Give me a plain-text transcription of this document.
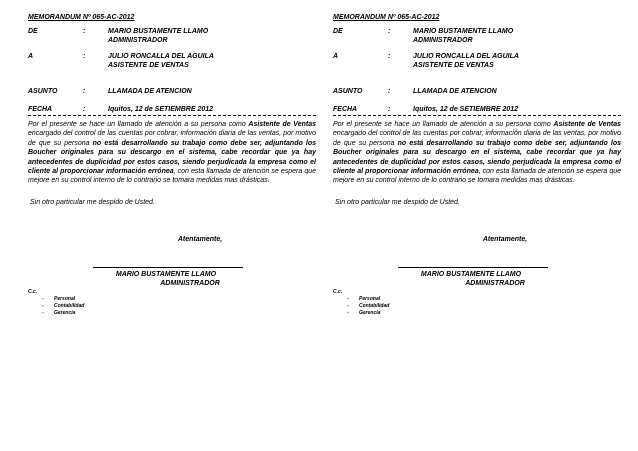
MEMORANDUM Nº 065-AC-2012
DE	:	MARIO BUSTAMENTE LLAMO
ADMINISTRADOR
A	:	JULIO RONCALLA DEL AGUILA
ASISTENTE DE VENTAS
ASUNTO	:	LLAMADA DE ATENCION
FECHA	:	Iquitos, 12 de SETIEMBRE 2012
Por el presente se hace un llamado de atención a su persona como Asistente de Ventas encargado del control de las cuentas por cobrar, información diaria de las ventas, por motivo de que su persona no está desarrollando su trabajo como debe ser, adjuntando los Boucher originales para su descargo en el sistema, cabe recordar que ya hay antecedentes de duplicidad por estos casos, siendo perjudicada la empresa como el cliente al proporcionar información errónea, con esta llamada de atención se espera que mejore en su control interno de lo contrario se tomara medidas mas drásticas.
Sin otro particular me despido de Usted.
Atentamente,
MARIO BUSTAMENTE LLAMO
ADMINISTRADOR
C.c.
-	Personal
-	Contabilidad
-	Gerencia
MEMORANDUM Nº 065-AC-2012
DE	:	MARIO BUSTAMENTE LLAMO
ADMINISTRADOR
A	:	JULIO RONCALLA DEL AGUILA
ASISTENTE DE VENTAS
ASUNTO	:	LLAMADA DE ATENCION
FECHA	:	Iquitos, 12 de SETIEMBRE 2012
Por el presente se hace un llamado de atención a su persona como Asistente de Ventas encargado del control de las cuentas por cobrar, información diaria de las ventas, por motivo de que su persona no está desarrollando su trabajo como debe ser, adjuntando los Boucher originales para su descargo en el sistema, cabe recordar que ya hay antecedentes de duplicidad por estos casos, siendo perjudicada la empresa como el cliente al proporcionar información errónea, con esta llamada de atención se espera que mejore en su control interno de lo contrario se tomara medidas mas drásticas.
Sin otro particular me despido de Usted.
Atentamente,
MARIO BUSTAMENTE LLAMO
ADMINISTRADOR
C.c.
-	Personal
-	Contabilidad
-	Gerencia
